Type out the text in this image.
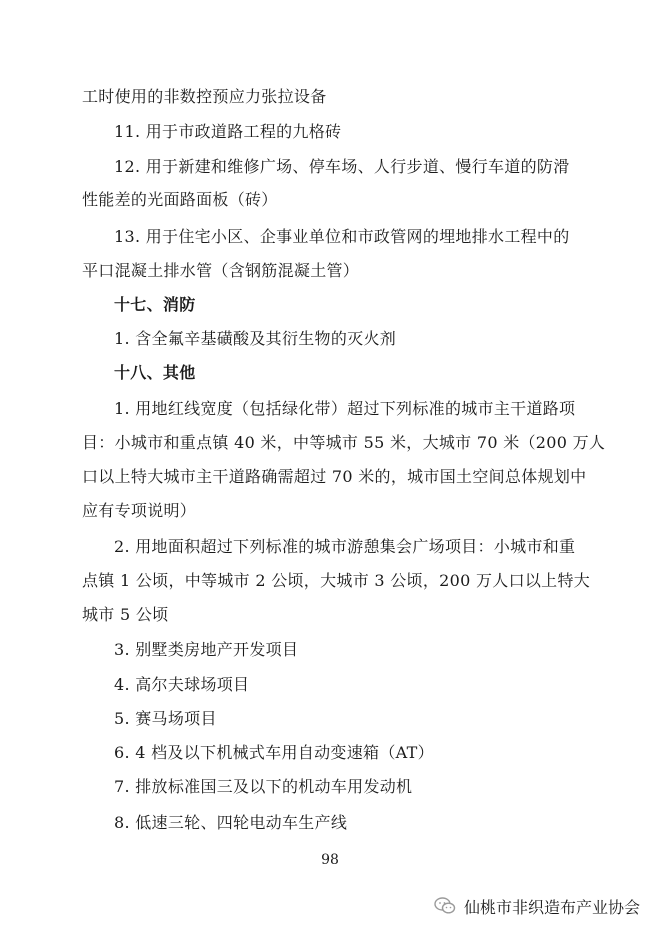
工时使用的非数控预应力张拉设备
11. 用于市政道路工程的九格砖
12. 用于新建和维修广场、停车场、人行步道、慢行车道的防滑
性能差的光面路面板（砖）
13. 用于住宅小区、企事业单位和市政管网的埋地排水工程中的
平口混凝土排水管（含钢筋混凝土管）
十七、消防
1. 含全氟辛基磺酸及其衍生物的灭火剂
十八、其他
1. 用地红线宽度（包括绿化带）超过下列标准的城市主干道路项
目：小城市和重点镇 40 米，中等城市 55 米，大城市 70 米（200 万人
口以上特大城市主干道路确需超过 70 米的，城市国土空间总体规划中
应有专项说明）
2. 用地面积超过下列标准的城市游憩集会广场项目：小城市和重
点镇 1 公顷，中等城市 2 公顷，大城市 3 公顷，200 万人口以上特大
城市 5 公顷
3. 别墅类房地产开发项目
4. 高尔夫球场项目
5. 赛马场项目
6. 4 档及以下机械式车用自动变速箱（AT）
7. 排放标准国三及以下的机动车用发动机
8. 低速三轮、四轮电动车生产线
98
仙桃市非织造布产业协会
